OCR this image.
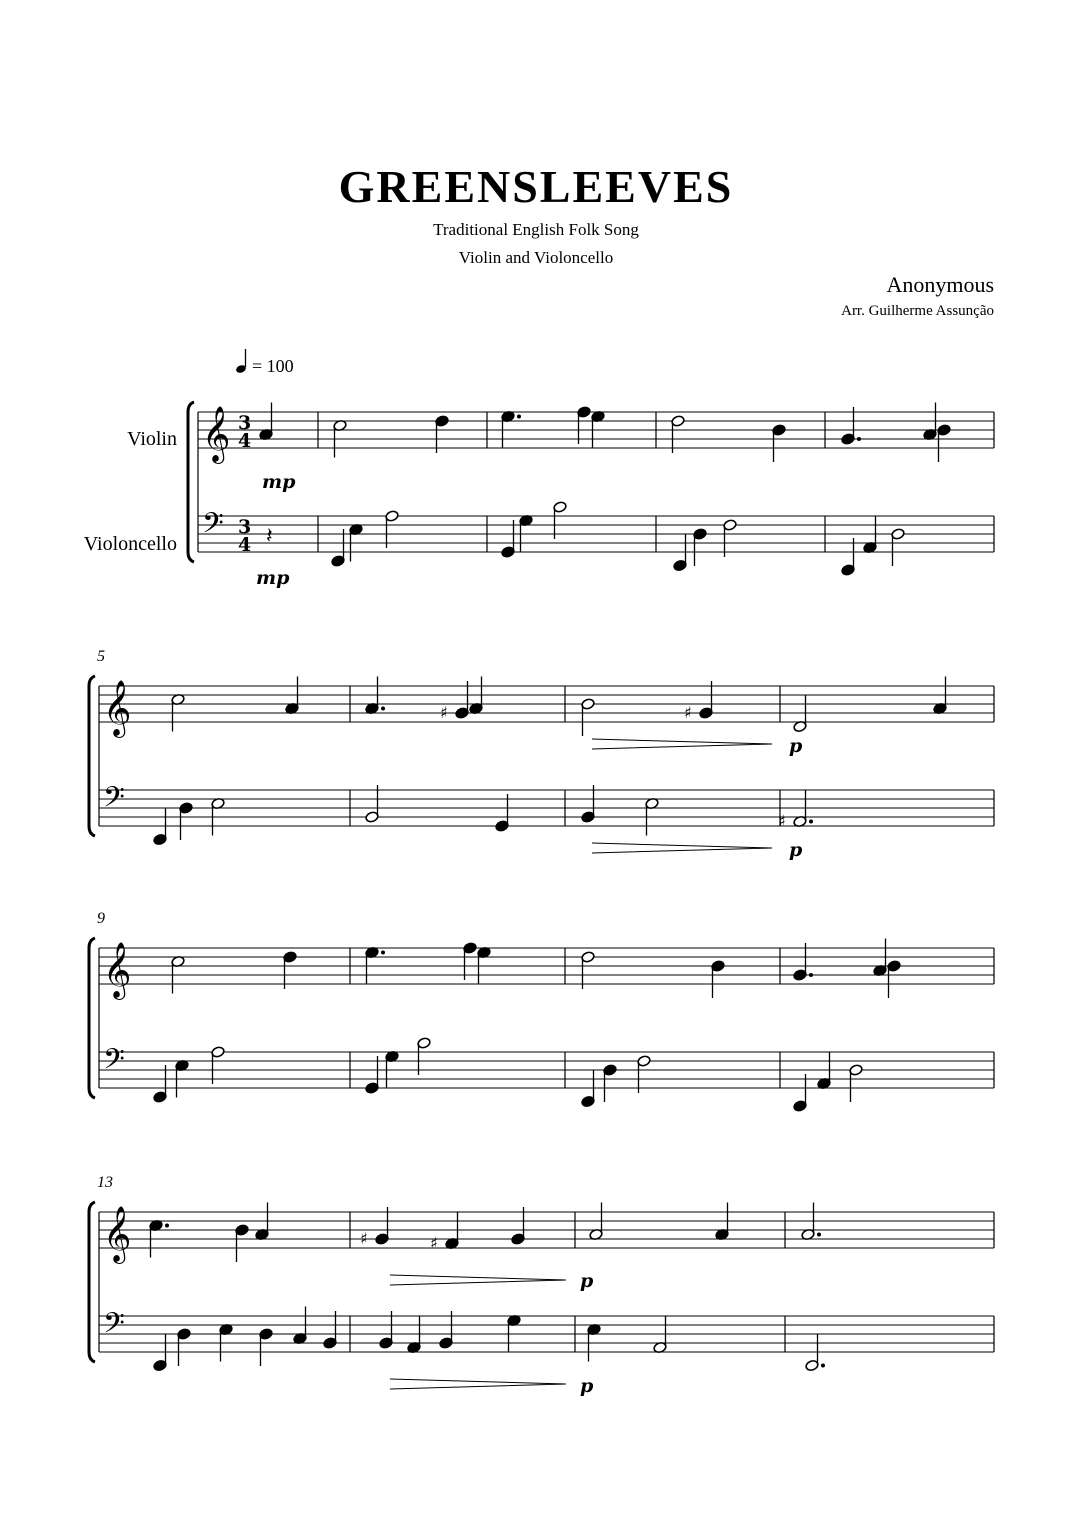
GREENSLEEVES
Traditional English Folk Song
Violin and Violoncello
Anonymous
Arr. Guilherme Assunção
= 100
Violin
Violoncello
𝄞 3
4
𝄢 3
4
𝄞
𝄢
5
𝄞
𝄢
9
𝄞
𝄢
13
mp
𝄽
mp
♯	♯
p
♯
p
♯	♯
p
p
